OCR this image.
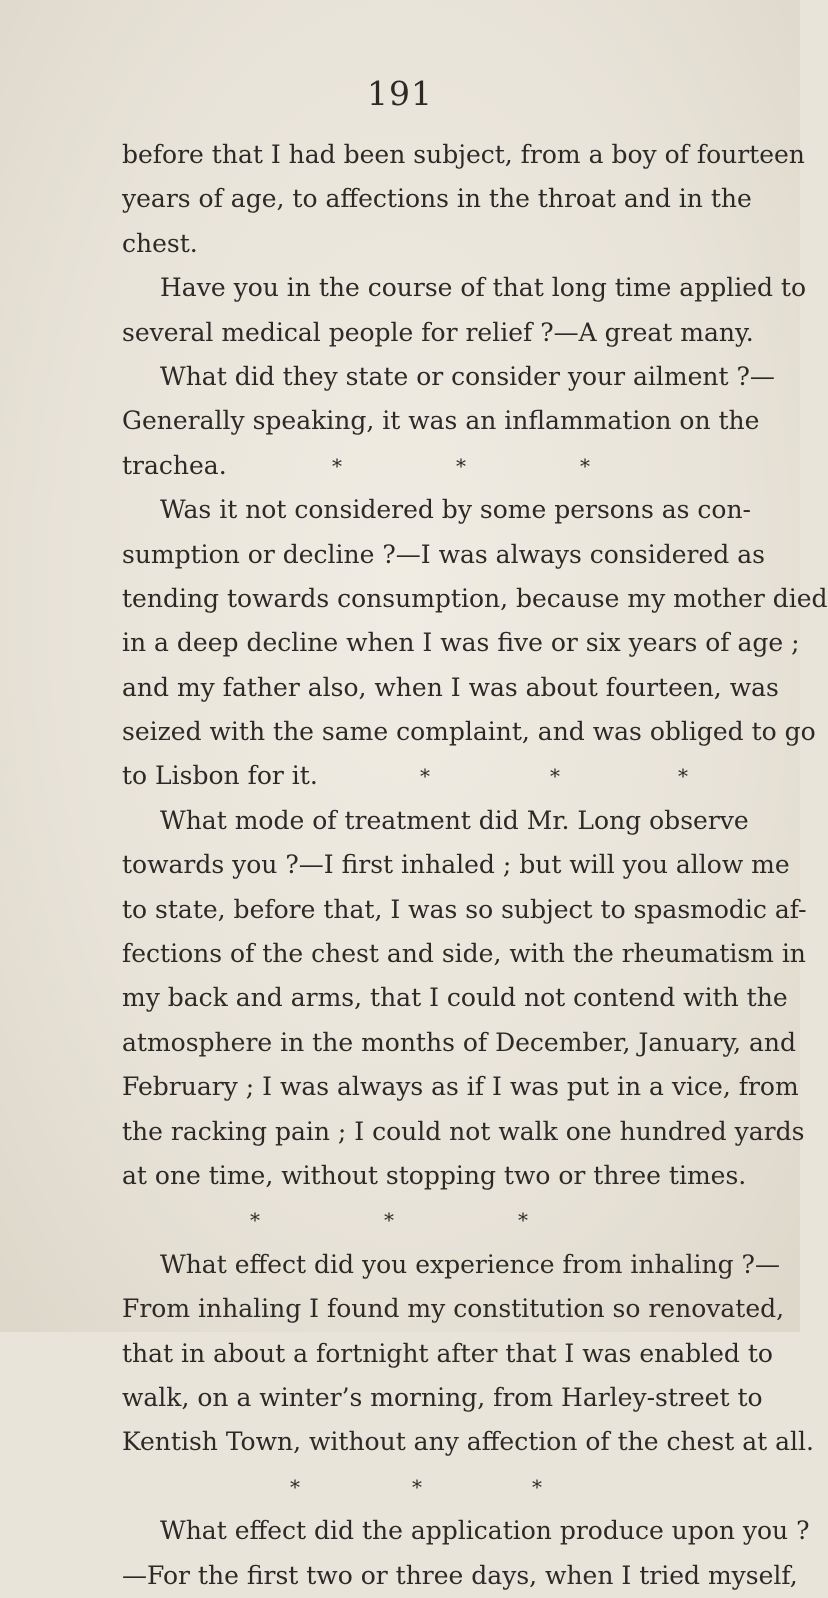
191
before that I had been subject, from a boy of fourteen
years of age, to affections in the throat and in the
chest.
Have you in the course of that long time applied to
several medical people for relief ?—A great many.
What did they state or consider your ailment ?—
Generally speaking, it was an inflammation on the
trachea.	*	*	*
Was it not considered by some persons as con-
sumption or decline ?—I was always considered as
tending towards consumption, because my mother died
in a deep decline when I was five or six years of age ;
and my father also, when I was about fourteen, was
seized with the same complaint, and was obliged to go
to Lisbon for it.	*	*	*
What mode of treatment did Mr. Long observe
towards you ?—I first inhaled ; but will you allow me
to state, before that, I was so subject to spasmodic af-
fections of the chest and side, with the rheumatism in
my back and arms, that I could not contend with the
atmosphere in the months of December, January, and
February ; I was always as if I was put in a vice, from
the racking pain ; I could not walk one hundred yards
at one time, without stopping two or three times.
*	*	*
What effect did you experience from inhaling ?—
From inhaling I found my constitution so renovated,
that in about a fortnight after that I was enabled to
walk, on a winter’s morning, from Harley-street to
Kentish Town, without any affection of the chest at all.
*	*	*
What effect did the application produce upon you ?
—For the first two or three days, when I tried myself,
